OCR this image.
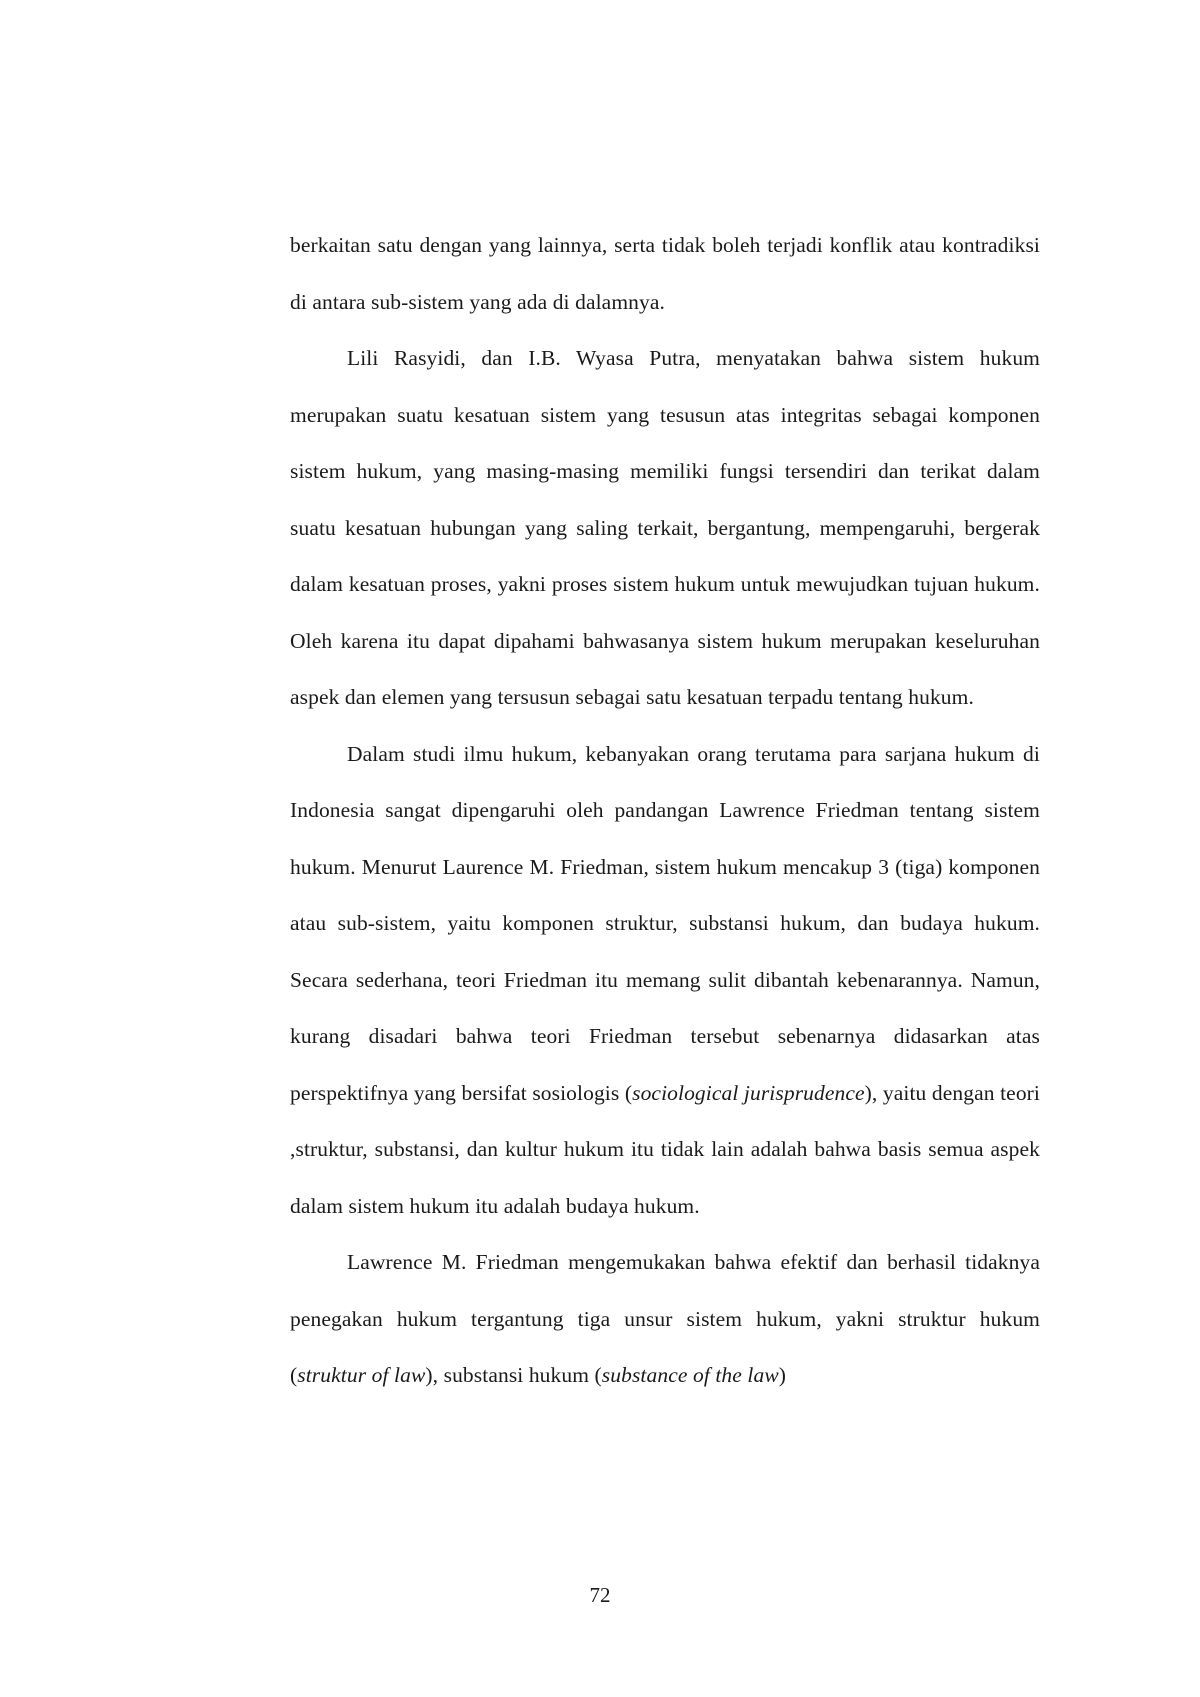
berkaitan satu dengan yang lainnya, serta tidak boleh terjadi konflik atau kontradiksi di antara sub-sistem yang ada di dalamnya.

Lili Rasyidi, dan I.B. Wyasa Putra, menyatakan bahwa sistem hukum merupakan suatu kesatuan sistem yang tesusun atas integritas sebagai komponen sistem hukum, yang masing-masing memiliki fungsi tersendiri dan terikat dalam suatu kesatuan hubungan yang saling terkait, bergantung, mempengaruhi, bergerak dalam kesatuan proses, yakni proses sistem hukum untuk mewujudkan tujuan hukum. Oleh karena itu dapat dipahami bahwasanya sistem hukum merupakan keseluruhan aspek dan elemen yang tersusun sebagai satu kesatuan terpadu tentang hukum.

Dalam studi ilmu hukum, kebanyakan orang terutama para sarjana hukum di Indonesia sangat dipengaruhi oleh pandangan Lawrence Friedman tentang sistem hukum. Menurut Laurence M. Friedman, sistem hukum mencakup 3 (tiga) komponen atau sub-sistem, yaitu komponen struktur, substansi hukum, dan budaya hukum. Secara sederhana, teori Friedman itu memang sulit dibantah kebenarannya. Namun, kurang disadari bahwa teori Friedman tersebut sebenarnya didasarkan atas perspektifnya yang bersifat sosiologis (sociological jurisprudence), yaitu dengan teori ,struktur, substansi, dan kultur hukum itu tidak lain adalah bahwa basis semua aspek dalam sistem hukum itu adalah budaya hukum.

Lawrence M. Friedman mengemukakan bahwa efektif dan berhasil tidaknya penegakan hukum tergantung tiga unsur sistem hukum, yakni struktur hukum (struktur of law), substansi hukum (substance of the law)

72
